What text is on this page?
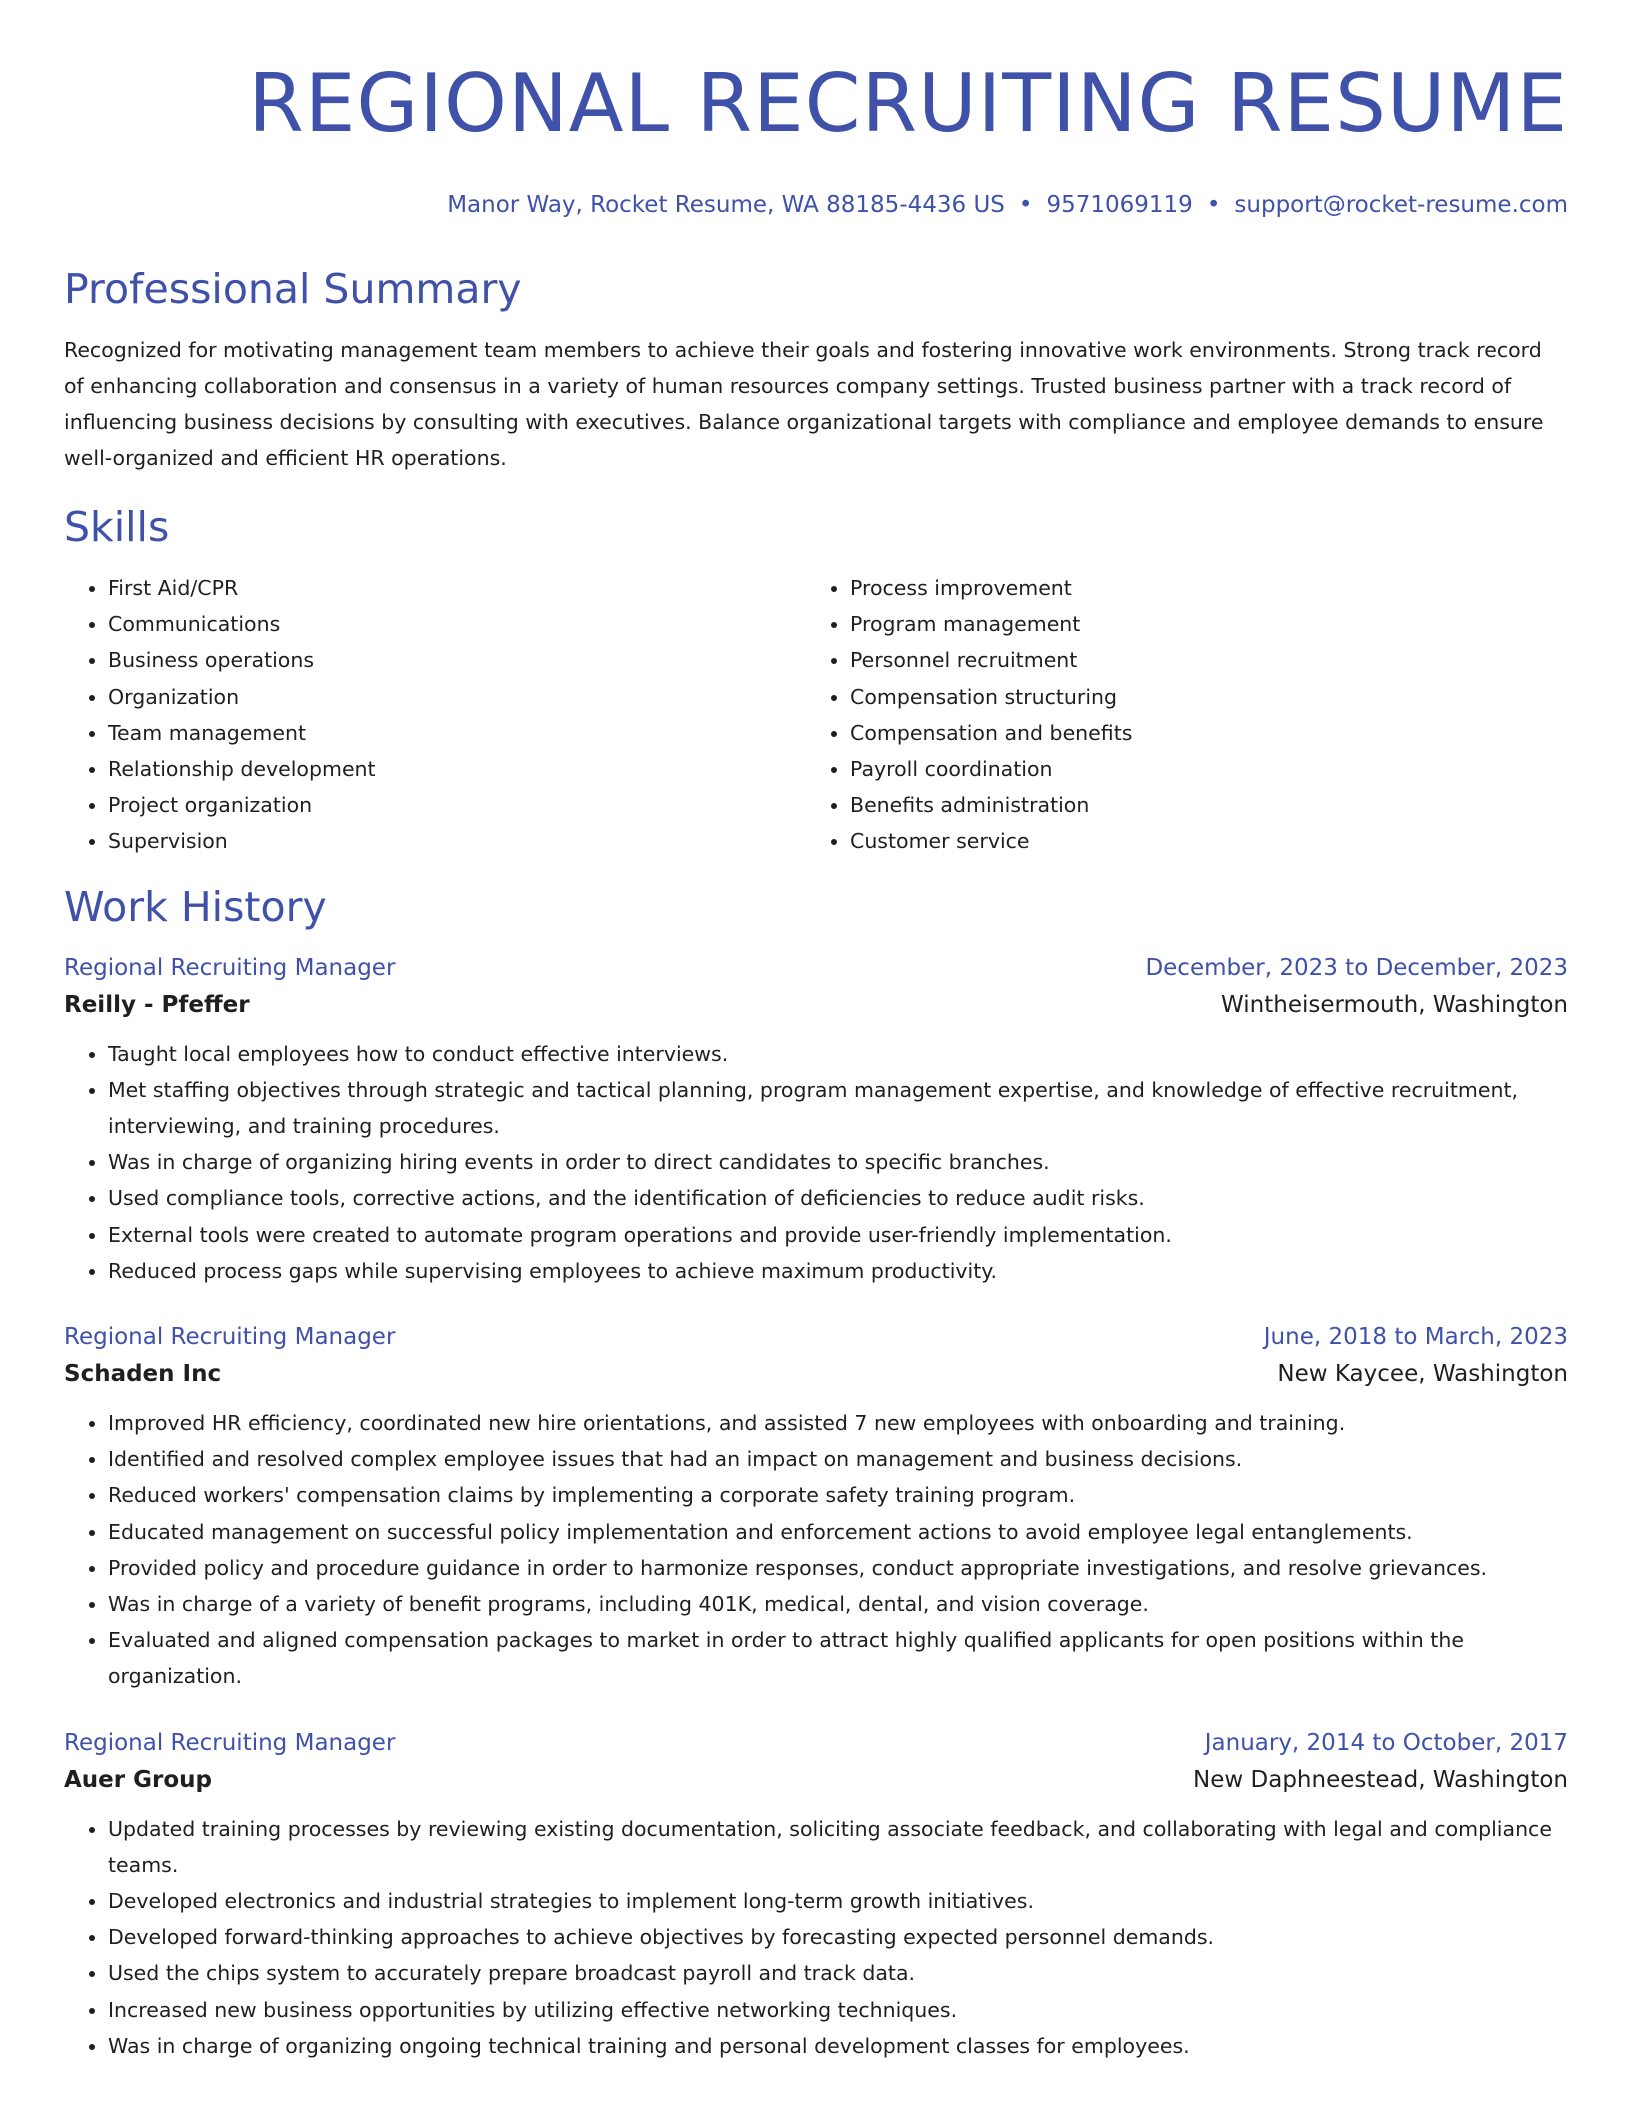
REGIONAL RECRUITING RESUME
Manor Way, Rocket Resume, WA 88185-4436 US • 9571069119 • support@rocket-resume.com
Professional Summary
Recognized for motivating management team members to achieve their goals and fostering innovative work environments. Strong track record of enhancing collaboration and consensus in a variety of human resources company settings. Trusted business partner with a track record of influencing business decisions by consulting with executives. Balance organizational targets with compliance and employee demands to ensure well-organized and efficient HR operations.
Skills
• First Aid/CPR
• Communications
• Business operations
• Organization
• Team management
• Relationship development
• Project organization
• Supervision
• Process improvement
• Program management
• Personnel recruitment
• Compensation structuring
• Compensation and benefits
• Payroll coordination
• Benefits administration
• Customer service
Work History
Regional Recruiting Manager	December, 2023 to December, 2023
Reilly - Pfeffer	Wintheisermouth, Washington
• Taught local employees how to conduct effective interviews.
• Met staffing objectives through strategic and tactical planning, program management expertise, and knowledge of effective recruitment, interviewing, and training procedures.
• Was in charge of organizing hiring events in order to direct candidates to specific branches.
• Used compliance tools, corrective actions, and the identification of deficiencies to reduce audit risks.
• External tools were created to automate program operations and provide user-friendly implementation.
• Reduced process gaps while supervising employees to achieve maximum productivity.
Regional Recruiting Manager	June, 2018 to March, 2023
Schaden Inc	New Kaycee, Washington
• Improved HR efficiency, coordinated new hire orientations, and assisted 7 new employees with onboarding and training.
• Identified and resolved complex employee issues that had an impact on management and business decisions.
• Reduced workers' compensation claims by implementing a corporate safety training program.
• Educated management on successful policy implementation and enforcement actions to avoid employee legal entanglements.
• Provided policy and procedure guidance in order to harmonize responses, conduct appropriate investigations, and resolve grievances.
• Was in charge of a variety of benefit programs, including 401K, medical, dental, and vision coverage.
• Evaluated and aligned compensation packages to market in order to attract highly qualified applicants for open positions within the organization.
Regional Recruiting Manager	January, 2014 to October, 2017
Auer Group	New Daphneestead, Washington
• Updated training processes by reviewing existing documentation, soliciting associate feedback, and collaborating with legal and compliance teams.
• Developed electronics and industrial strategies to implement long-term growth initiatives.
• Developed forward-thinking approaches to achieve objectives by forecasting expected personnel demands.
• Used the chips system to accurately prepare broadcast payroll and track data.
• Increased new business opportunities by utilizing effective networking techniques.
• Was in charge of organizing ongoing technical training and personal development classes for employees.
